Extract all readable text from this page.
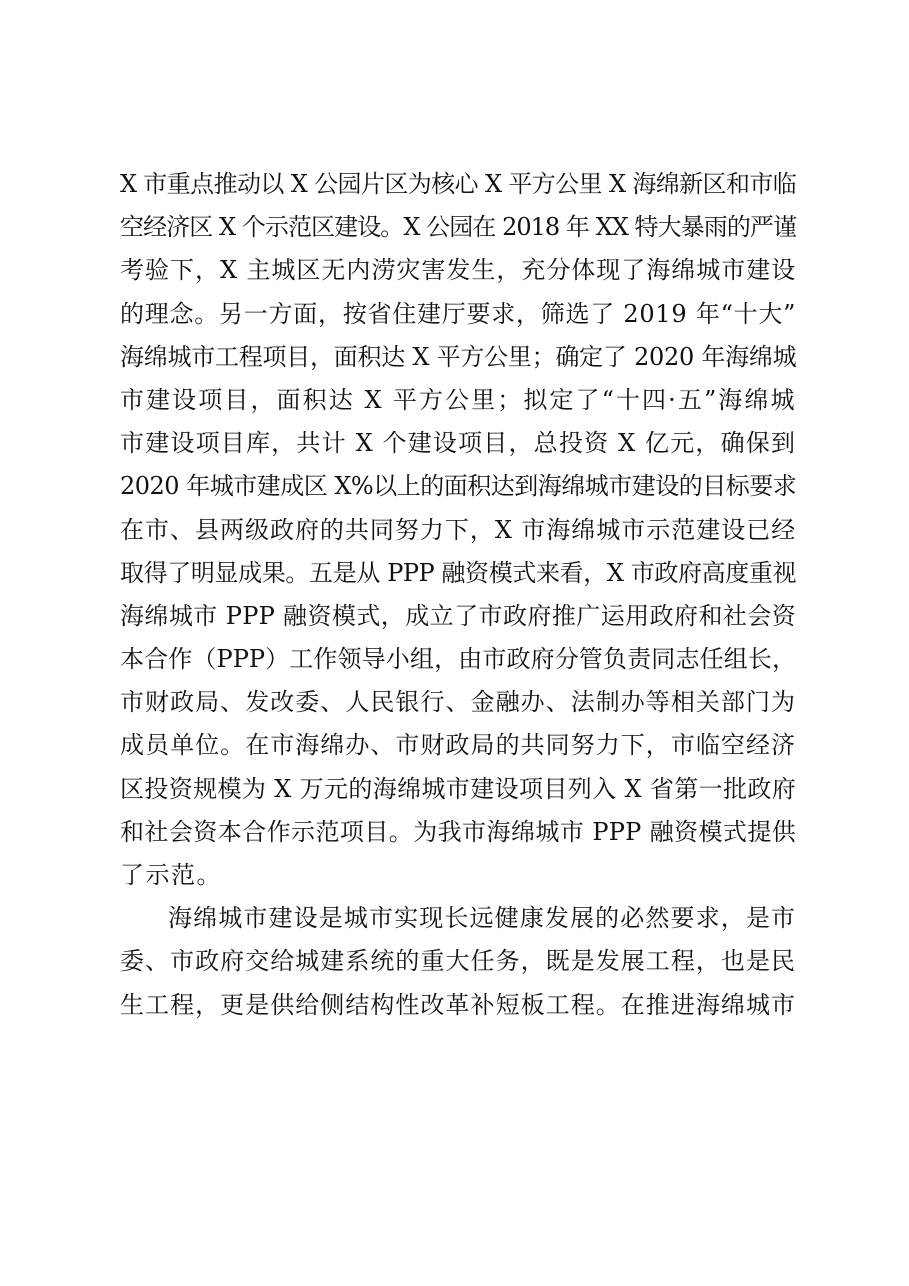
X 市重点推动以 X 公园片区为核心 X 平方公里 X 海绵新区和市临
空经济区 X 个示范区建设。X 公园在 2018 年 XX 特大暴雨的严谨
考验下，X 主城区无内涝灾害发生，充分体现了海绵城市建设
的理念。另一方面，按省住建厅要求，筛选了 2019 年“十大”
海绵城市工程项目，面积达 X 平方公里；确定了 2020 年海绵城
市建设项目，面积达 X 平方公里；拟定了“十四·五”海绵城
市建设项目库，共计 X 个建设项目，总投资 X 亿元，确保到
2020 年城市建成区 X%以上的面积达到海绵城市建设的目标要求
在市、县两级政府的共同努力下，X 市海绵城市示范建设已经
取得了明显成果。五是从 PPP 融资模式来看，X 市政府高度重视
海绵城市 PPP 融资模式，成立了市政府推广运用政府和社会资
本合作（PPP）工作领导小组，由市政府分管负责同志任组长，
市财政局、发改委、人民银行、金融办、法制办等相关部门为
成员单位。在市海绵办、市财政局的共同努力下，市临空经济
区投资规模为 X 万元的海绵城市建设项目列入 X 省第一批政府
和社会资本合作示范项目。为我市海绵城市 PPP 融资模式提供
了示范。
海绵城市建设是城市实现长远健康发展的必然要求，是市
委、市政府交给城建系统的重大任务，既是发展工程，也是民
生工程，更是供给侧结构性改革补短板工程。在推进海绵城市
